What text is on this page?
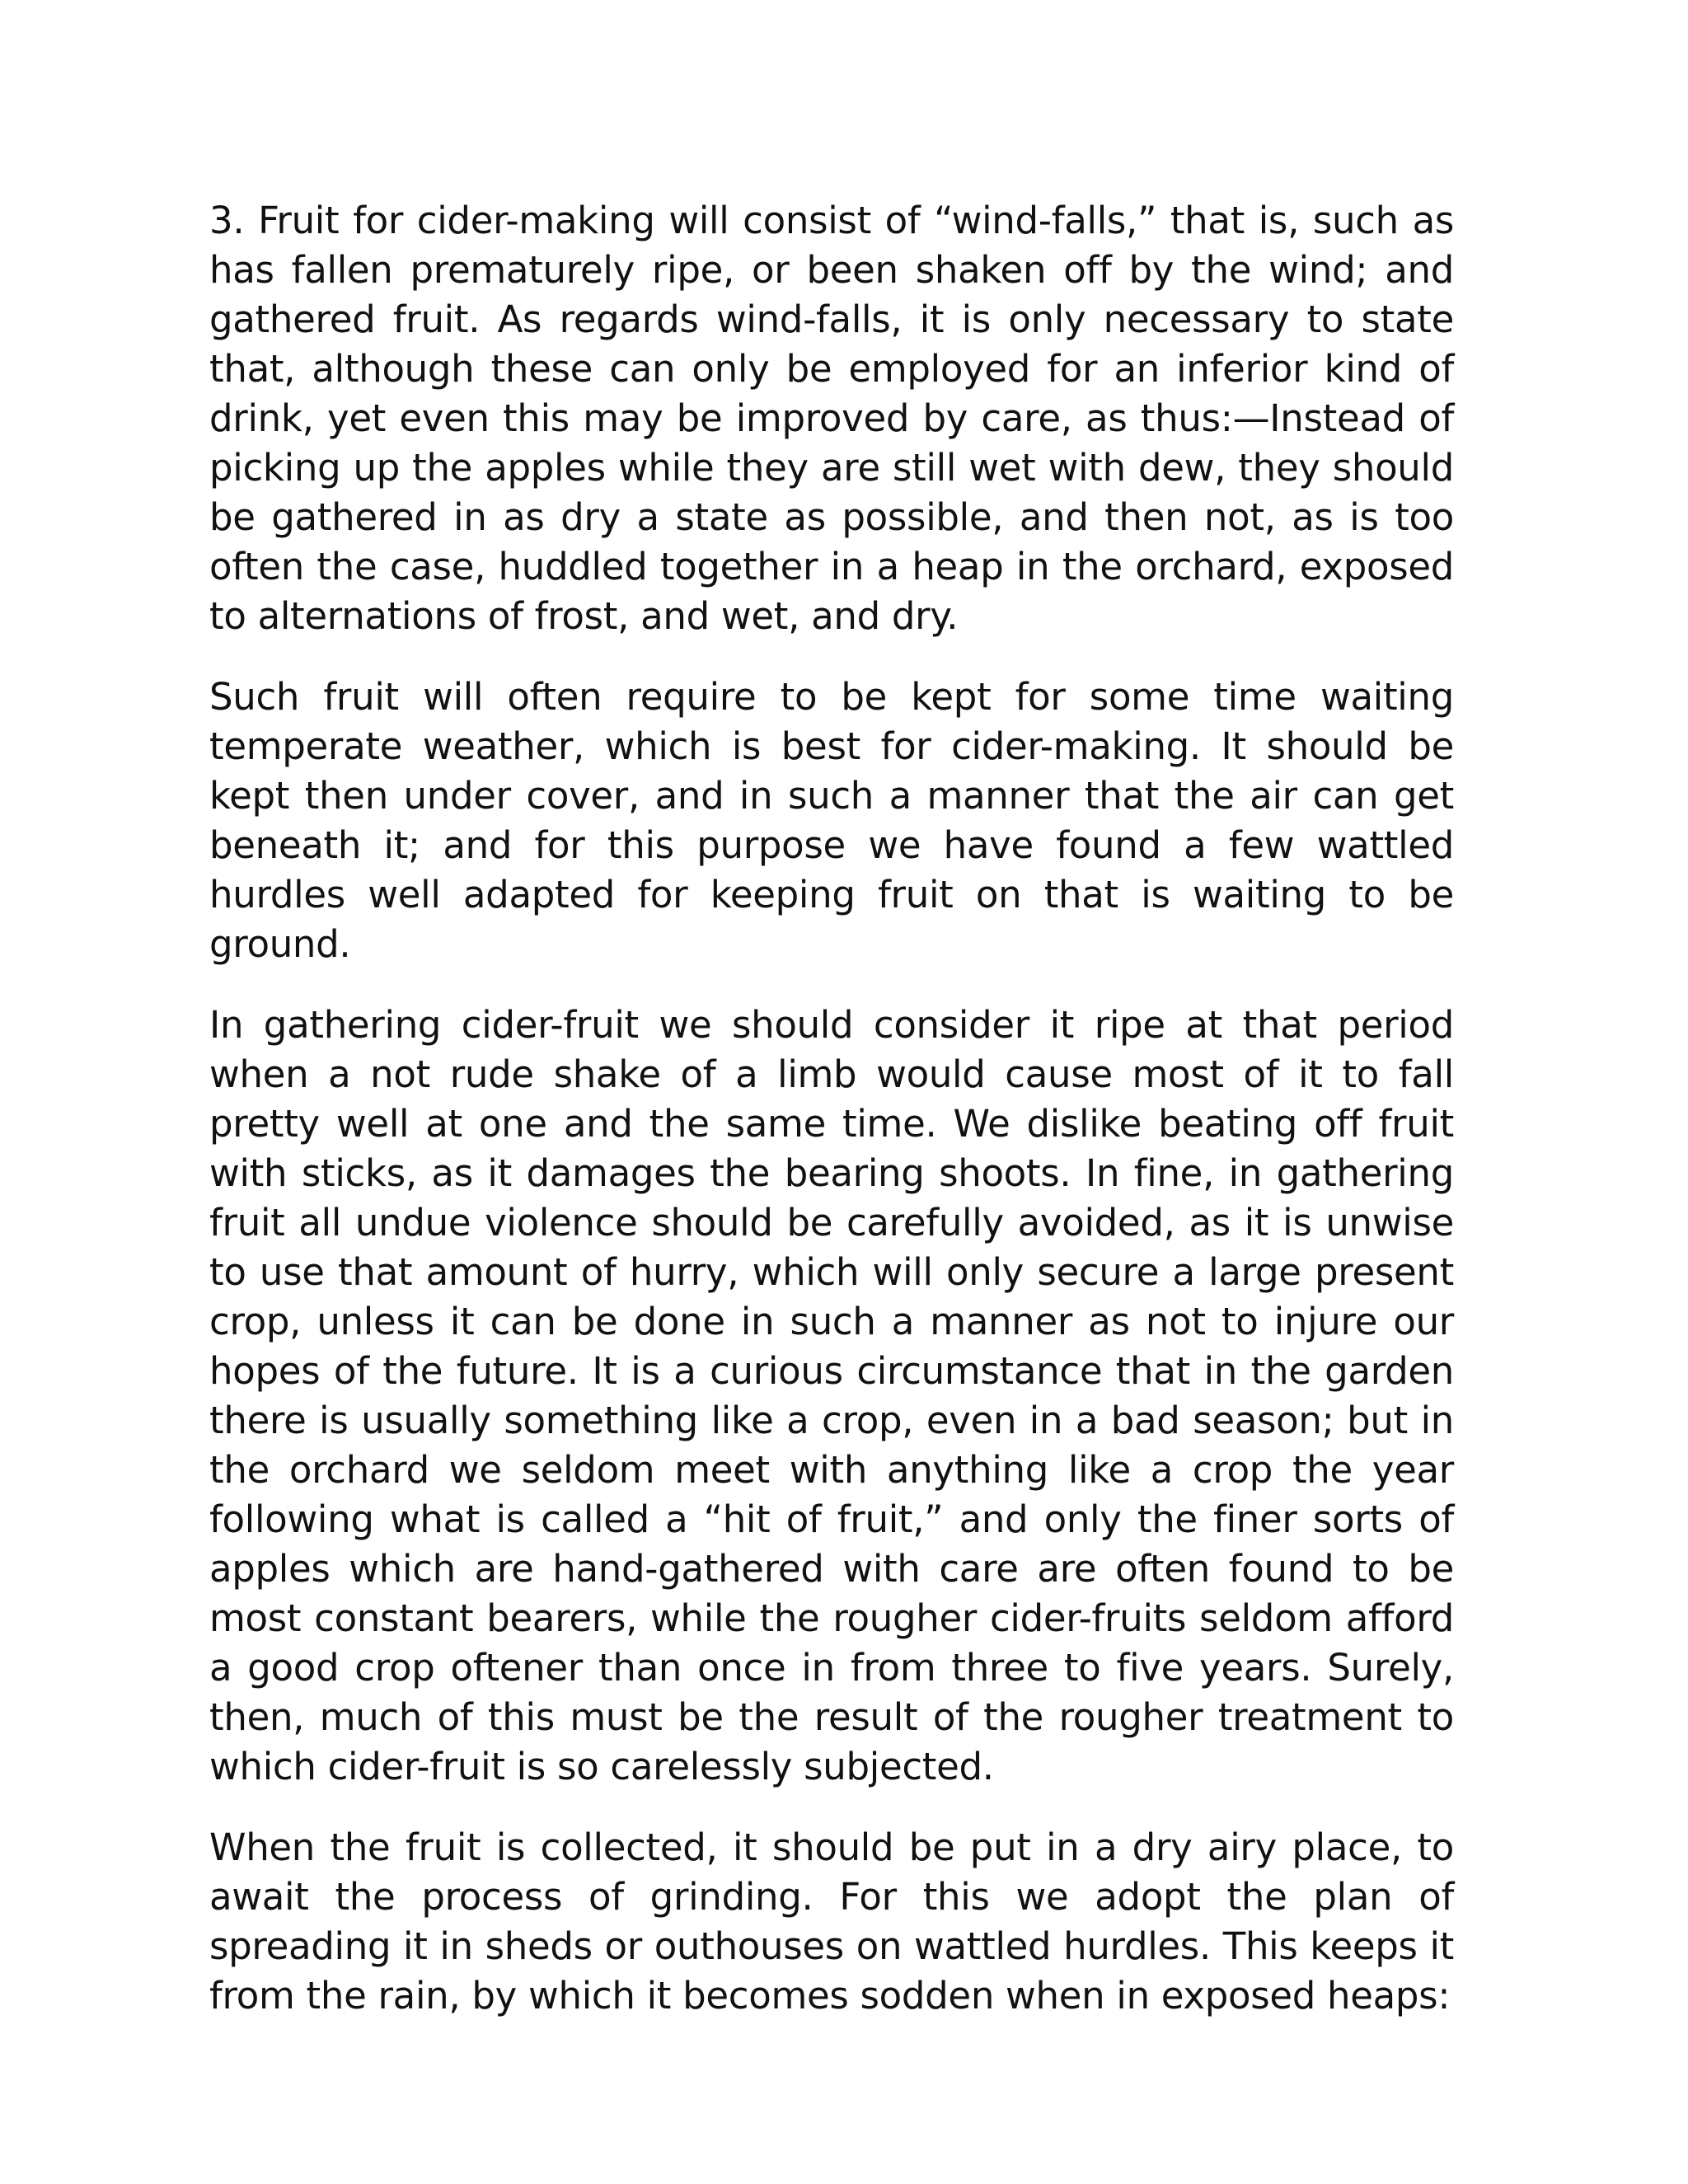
3. Fruit for cider-making will consist of “wind-falls,” that is, such as has fallen prematurely ripe, or been shaken off by the wind; and gathered fruit. As regards wind-falls, it is only necessary to state that, although these can only be employed for an inferior kind of drink, yet even this may be improved by care, as thus:—Instead of picking up the apples while they are still wet with dew, they should be gathered in as dry a state as possible, and then not, as is too often the case, huddled together in a heap in the orchard, exposed to alternations of frost, and wet, and dry.

Such fruit will often require to be kept for some time waiting temperate weather, which is best for cider-making. It should be kept then under cover, and in such a manner that the air can get beneath it; and for this purpose we have found a few wattled hurdles well adapted for keeping fruit on that is waiting to be ground.

In gathering cider-fruit we should consider it ripe at that period when a not rude shake of a limb would cause most of it to fall pretty well at one and the same time. We dislike beating off fruit with sticks, as it damages the bearing shoots. In fine, in gathering fruit all undue violence should be carefully avoided, as it is unwise to use that amount of hurry, which will only secure a large present crop, unless it can be done in such a manner as not to injure our hopes of the future. It is a curious circumstance that in the garden there is usually something like a crop, even in a bad season; but in the orchard we seldom meet with anything like a crop the year following what is called a “hit of fruit,” and only the finer sorts of apples which are hand-gathered with care are often found to be most constant bearers, while the rougher cider-fruits seldom afford a good crop oftener than once in from three to five years. Surely, then, much of this must be the result of the rougher treatment to which cider-fruit is so carelessly subjected.

When the fruit is collected, it should be put in a dry airy place, to await the process of grinding. For this we adopt the plan of spreading it in sheds or outhouses on wattled hurdles. This keeps it from the rain, by which it becomes sodden when in exposed heaps:
